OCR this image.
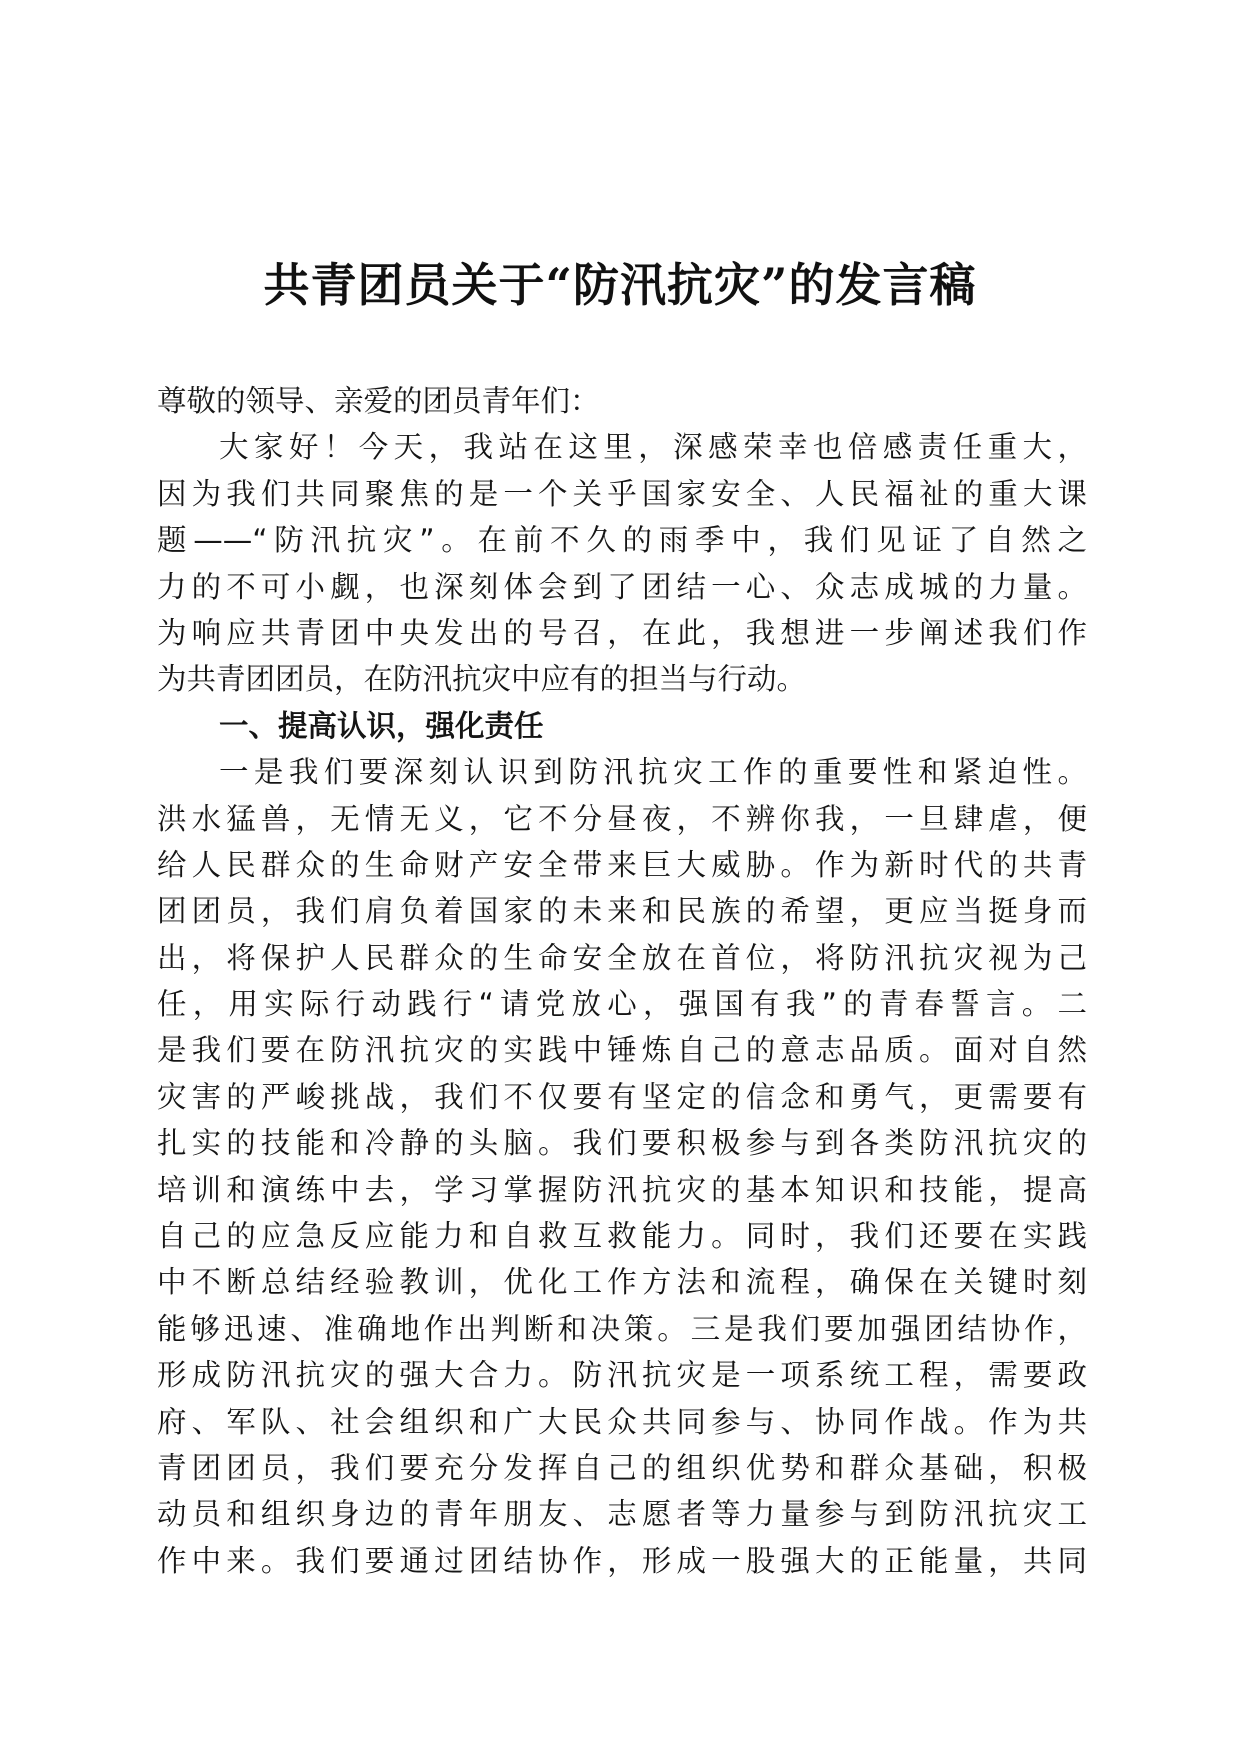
共青团员关于“防汛抗灾”的发言稿
尊敬的领导、亲爱的团员青年们：
大家好！今天，我站在这里，深感荣幸也倍感责任重大，
因为我们共同聚焦的是一个关乎国家安全、人民福祉的重大课
题——“防汛抗灾”。在前不久的雨季中，我们见证了自然之
力的不可小觑，也深刻体会到了团结一心、众志成城的力量。
为响应共青团中央发出的号召，在此，我想进一步阐述我们作
为共青团团员，在防汛抗灾中应有的担当与行动。
一、提高认识，强化责任
一是我们要深刻认识到防汛抗灾工作的重要性和紧迫性。
洪水猛兽，无情无义，它不分昼夜，不辨你我，一旦肆虐，便
给人民群众的生命财产安全带来巨大威胁。作为新时代的共青
团团员，我们肩负着国家的未来和民族的希望，更应当挺身而
出，将保护人民群众的生命安全放在首位，将防汛抗灾视为己
任，用实际行动践行“请党放心，强国有我”的青春誓言。二
是我们要在防汛抗灾的实践中锤炼自己的意志品质。面对自然
灾害的严峻挑战，我们不仅要有坚定的信念和勇气，更需要有
扎实的技能和冷静的头脑。我们要积极参与到各类防汛抗灾的
培训和演练中去，学习掌握防汛抗灾的基本知识和技能，提高
自己的应急反应能力和自救互救能力。同时，我们还要在实践
中不断总结经验教训，优化工作方法和流程，确保在关键时刻
能够迅速、准确地作出判断和决策。三是我们要加强团结协作，
形成防汛抗灾的强大合力。防汛抗灾是一项系统工程，需要政
府、军队、社会组织和广大民众共同参与、协同作战。作为共
青团团员，我们要充分发挥自己的组织优势和群众基础，积极
动员和组织身边的青年朋友、志愿者等力量参与到防汛抗灾工
作中来。我们要通过团结协作，形成一股强大的正能量，共同
